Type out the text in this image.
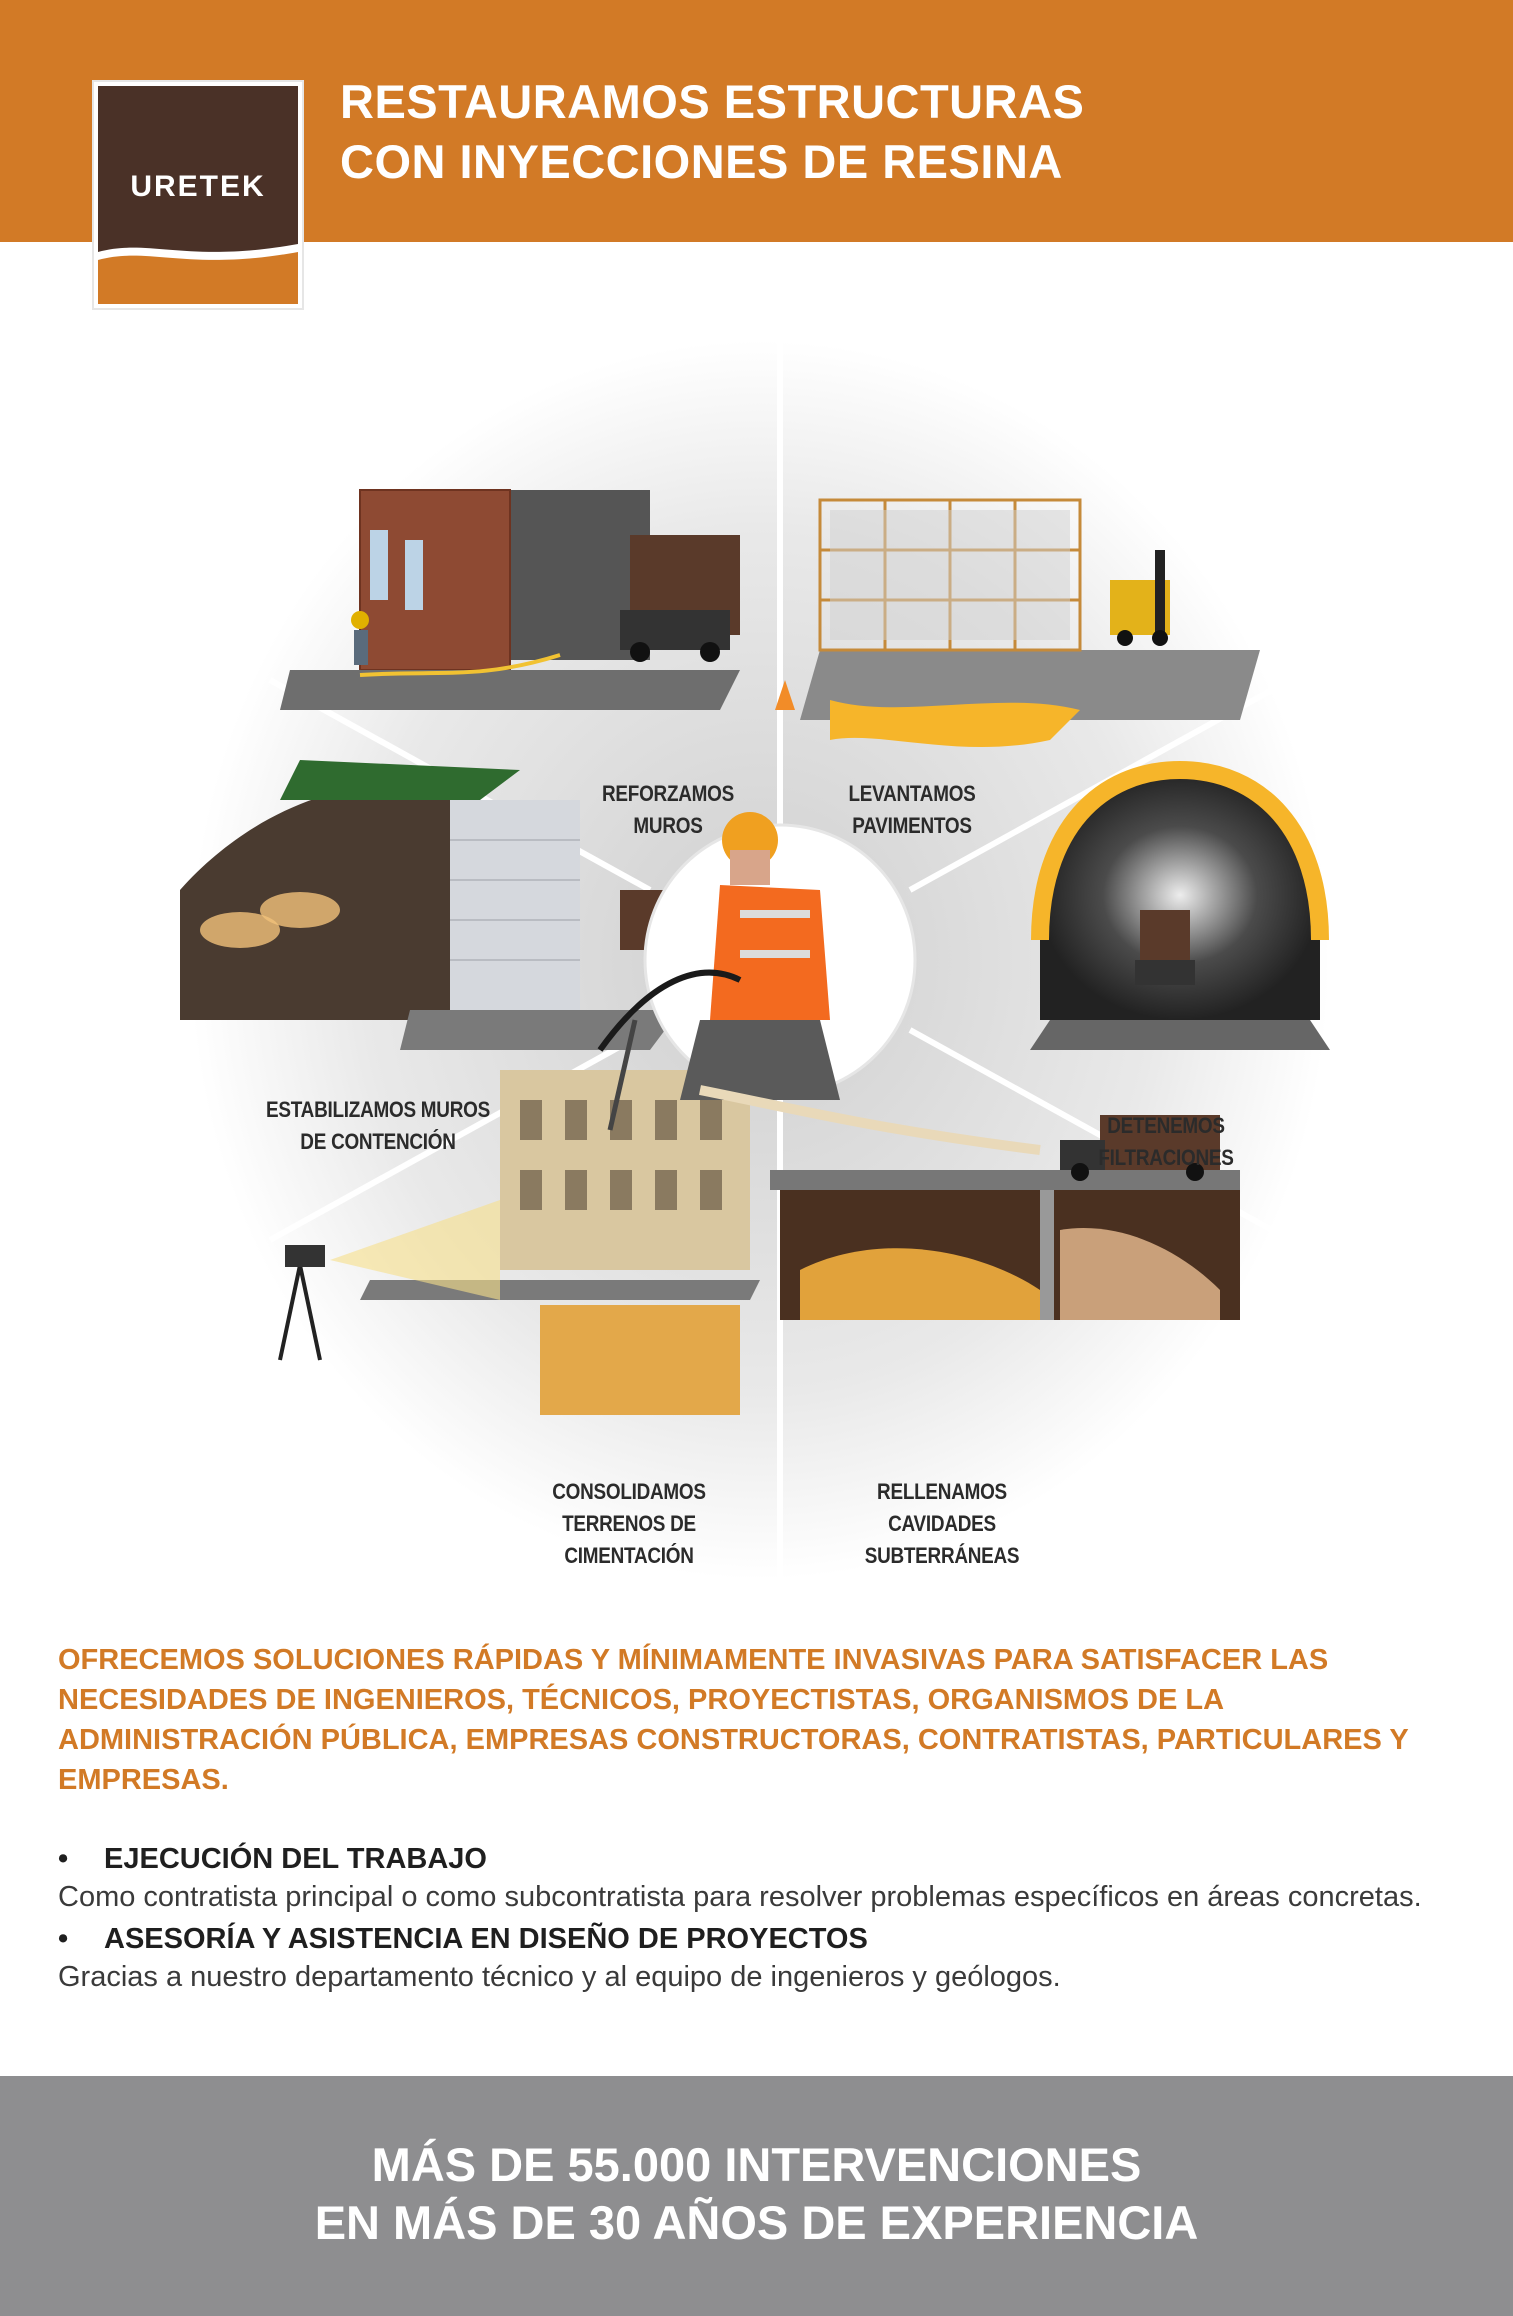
URETEK
RESTAURAMOS ESTRUCTURAS
CON INYECCIONES DE RESINA
REFORZAMOS
MUROS
LEVANTAMOS
PAVIMENTOS
DETENEMOS
FILTRACIONES
RELLENAMOS
CAVIDADES SUBTERRÁNEAS
CONSOLIDAMOS
TERRENOS DE CIMENTACIÓN
ESTABILIZAMOS MUROS
DE CONTENCIÓN
OFRECEMOS SOLUCIONES RÁPIDAS Y MÍNIMAMENTE INVASIVAS PARA SATISFACER LAS NECESIDADES DE INGENIEROS, TÉCNICOS, PROYECTISTAS, ORGANISMOS DE LA ADMINISTRACIÓN PÚBLICA, EMPRESAS CONSTRUCTORAS, CONTRATISTAS, PARTICULARES Y EMPRESAS.
• EJECUCIÓN DEL TRABAJO
Como contratista principal o como subcontratista para resolver problemas específicos en áreas concretas.
• ASESORÍA Y ASISTENCIA EN DISEÑO DE PROYECTOS
Gracias a nuestro departamento técnico y al equipo de ingenieros y geólogos.
MÁS DE 55.000 INTERVENCIONES
EN MÁS DE 30 AÑOS DE EXPERIENCIA
